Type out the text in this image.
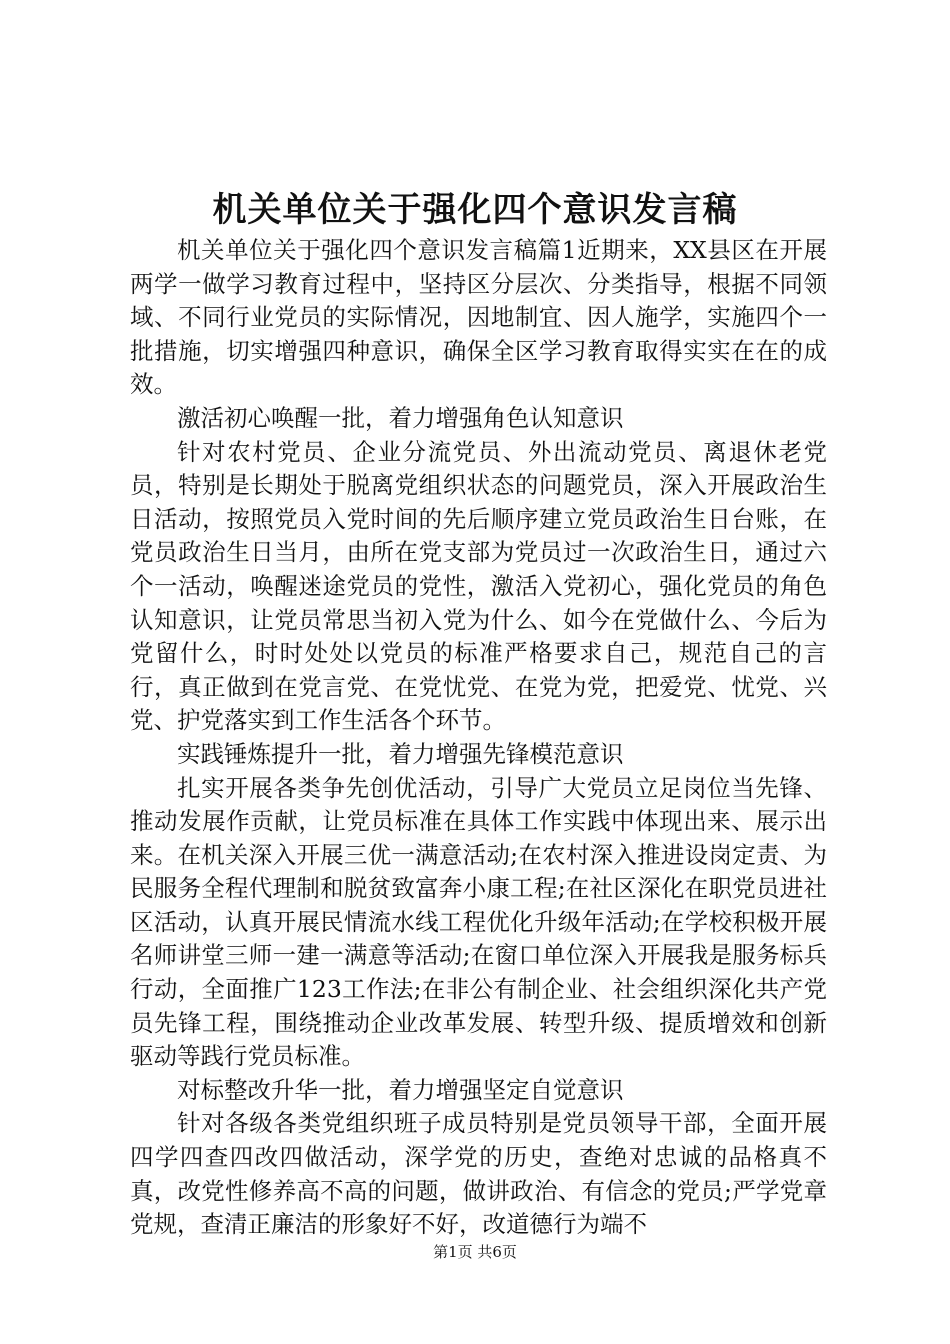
机关单位关于强化四个意识发言稿

机关单位关于强化四个意识发言稿篇1近期来，XX县区在开展两学一做学习教育过程中，坚持区分层次、分类指导，根据不同领域、不同行业党员的实际情况，因地制宜、因人施学，实施四个一批措施，切实增强四种意识，确保全区学习教育取得实实在在的成效。

激活初心唤醒一批，着力增强角色认知意识

针对农村党员、企业分流党员、外出流动党员、离退休老党员，特别是长期处于脱离党组织状态的问题党员，深入开展政治生日活动，按照党员入党时间的先后顺序建立党员政治生日台账，在党员政治生日当月，由所在党支部为党员过一次政治生日，通过六个一活动，唤醒迷途党员的党性，激活入党初心，强化党员的角色认知意识，让党员常思当初入党为什么、如今在党做什么、今后为党留什么，时时处处以党员的标准严格要求自己，规范自己的言行，真正做到在党言党、在党忧党、在党为党，把爱党、忧党、兴党、护党落实到工作生活各个环节。

实践锤炼提升一批，着力增强先锋模范意识

扎实开展各类争先创优活动，引导广大党员立足岗位当先锋、推动发展作贡献，让党员标准在具体工作实践中体现出来、展示出来。在机关深入开展三优一满意活动;在农村深入推进设岗定责、为民服务全程代理制和脱贫致富奔小康工程;在社区深化在职党员进社区活动，认真开展民情流水线工程优化升级年活动;在学校积极开展名师讲堂三师一建一满意等活动;在窗口单位深入开展我是服务标兵行动，全面推广123工作法;在非公有制企业、社会组织深化共产党员先锋工程，围绕推动企业改革发展、转型升级、提质增效和创新驱动等践行党员标准。

对标整改升华一批，着力增强坚定自觉意识

针对各级各类党组织班子成员特别是党员领导干部，全面开展四学四查四改四做活动，深学党的历史，查绝对忠诚的品格真不真，改党性修养高不高的问题，做讲政治、有信念的党员;严学党章党规，查清正廉洁的形象好不好，改道德行为端不

第1页 共6页
